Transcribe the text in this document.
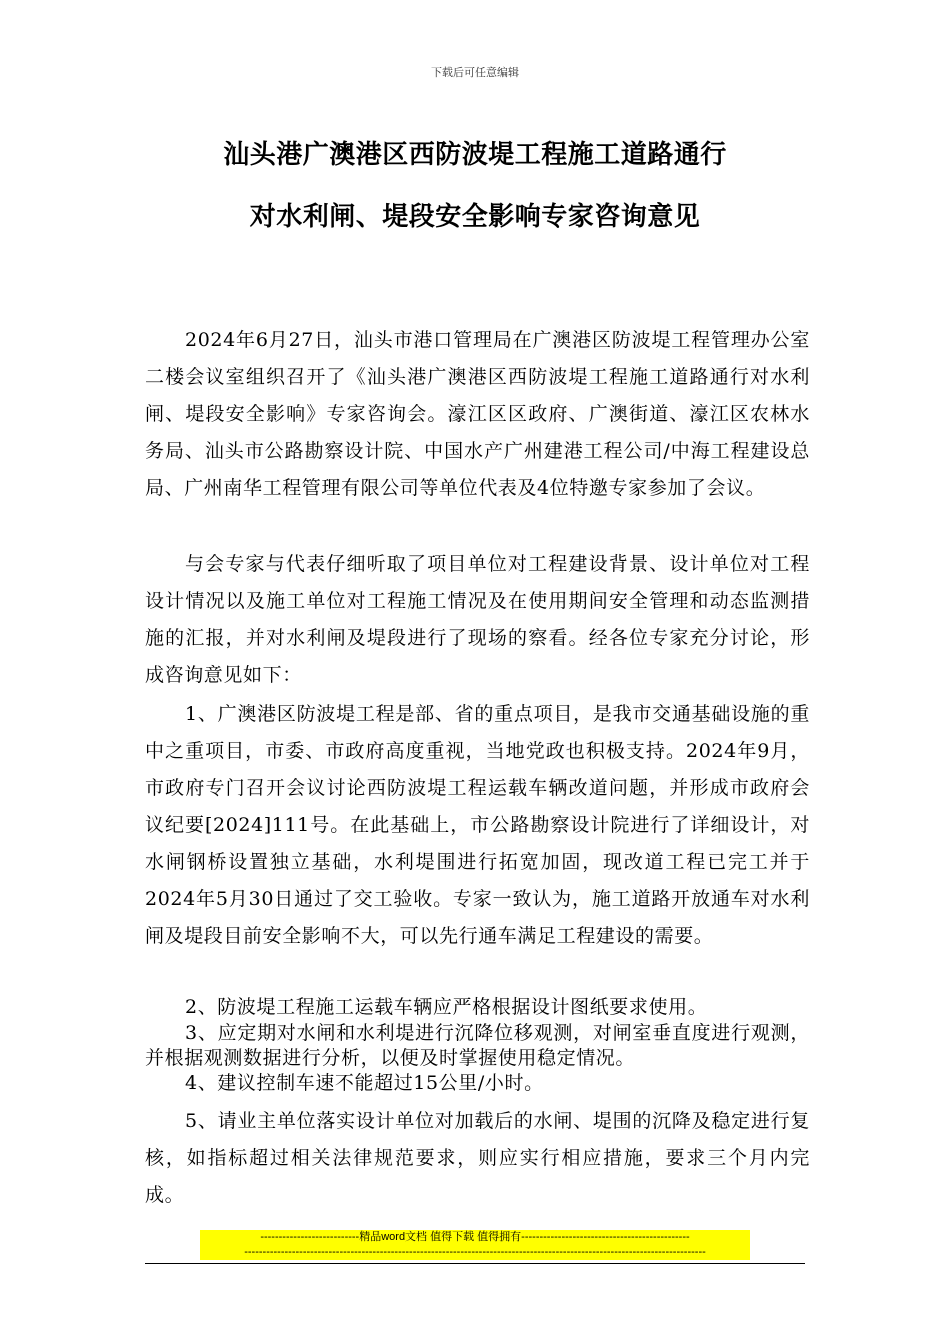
下载后可任意编辑
汕头港广澳港区西防波堤工程施工道路通行
对水利闸、堤段安全影响专家咨询意见

2024年6月27日，汕头市港口管理局在广澳港区防波堤工程管理办公室二楼会议室组织召开了《汕头港广澳港区西防波堤工程施工道路通行对水利闸、堤段安全影响》专家咨询会。濠江区区政府、广澳街道、濠江区农林水务局、汕头市公路勘察设计院、中国水产广州建港工程公司/中海工程建设总局、广州南华工程管理有限公司等单位代表及4位特邀专家参加了会议。

与会专家与代表仔细听取了项目单位对工程建设背景、设计单位对工程设计情况以及施工单位对工程施工情况及在使用期间安全管理和动态监测措施的汇报，并对水利闸及堤段进行了现场的察看。经各位专家充分讨论，形成咨询意见如下：

1、广澳港区防波堤工程是部、省的重点项目，是我市交通基础设施的重中之重项目，市委、市政府高度重视，当地党政也积极支持。2024年9月，市政府专门召开会议讨论西防波堤工程运载车辆改道问题，并形成市政府会议纪要[2024]111号。在此基础上，市公路勘察设计院进行了详细设计，对水闸钢桥设置独立基础，水利堤围进行拓宽加固，现改道工程已完工并于2024年5月30日通过了交工验收。专家一致认为，施工道路开放通车对水利闸及堤段目前安全影响不大，可以先行通车满足工程建设的需要。

2、防波堤工程施工运载车辆应严格根据设计图纸要求使用。

3、应定期对水闸和水利堤进行沉降位移观测，对闸室垂直度进行观测，并根据观测数据进行分析，以便及时掌握使用稳定情况。

4、建议控制车速不能超过15公里/小时。

5、请业主单位落实设计单位对加载后的水闸、堤围的沉降及稳定进行复核，如指标超过相关法律规范要求，则应实行相应措施，要求三个月内完成。

---------------------------精品word文档 值得下载 值得拥有----------------------------------------------
------------------------------------------------------------------------------------------------------------------------------
